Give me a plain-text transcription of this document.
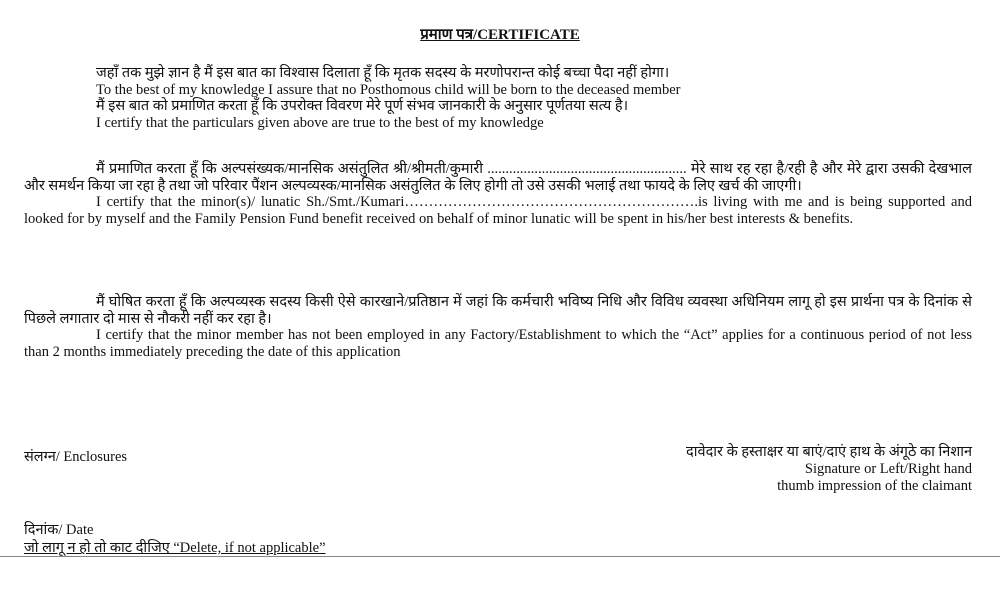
प्रमाण पत्र/CERTIFICATE
जहाँ तक मुझे ज्ञान है मैं इस बात का विश्वास दिलाता हूँ कि मृतक सदस्य के मरणोपरान्त कोई बच्चा पैदा नहीं होगा।
To the best of my knowledge I assure that no Posthomous child will be born to the deceased member
मैं इस बात को प्रमाणित करता हूँ कि उपरोक्त विवरण मेरे पूर्ण संभव जानकारी के अनुसार पूर्णतया सत्य है।
I certify that the particulars given above are true to the best of my knowledge
मैं प्रमाणित करता हूँ कि अल्पसंख्यक/मानसिक असंतुलित श्री/श्रीमती/कुमारी ....................................................... मेरे साथ रह रहा है/रही है और मेरे द्वारा उसकी देखभाल और समर्थन किया जा रहा है तथा जो परिवार पैंशन अल्पव्यस्क/मानसिक असंतुलित के लिए होगी तो उसे उसकी भलाई तथा फायदे के लिए खर्च की जाएगी।
I certify that the minor(s)/ lunatic Sh./Smt./Kumari…………………………………………………….is living with me and is being supported and looked for by myself and the Family Pension Fund benefit received on behalf of minor lunatic will be spent in his/her best interests & benefits.
मैं घोषित करता हूँ कि अल्पव्यस्क सदस्य किसी ऐसे कारखाने/प्रतिष्ठान में जहां कि कर्मचारी भविष्य निधि और विविध व्यवस्था अधिनियम लागू हो इस प्रार्थना पत्र के दिनांक से पिछले लगातार दो मास से नौकरी नहीं कर रहा है।
I certify that the minor member has not been employed in any Factory/Establishment to which the “Act” applies for a continuous period of not less than 2 months immediately preceding the date of this application
संलग्न/ Enclosures	दावेदार के हस्ताक्षर या बाएं/दाएं हाथ के अंगूठे का निशान
Signature or Left/Right hand
thumb impression of the claimant
दिनांक/ Date
जो लागू न हो तो काट दीजिए “Delete, if not applicable”
